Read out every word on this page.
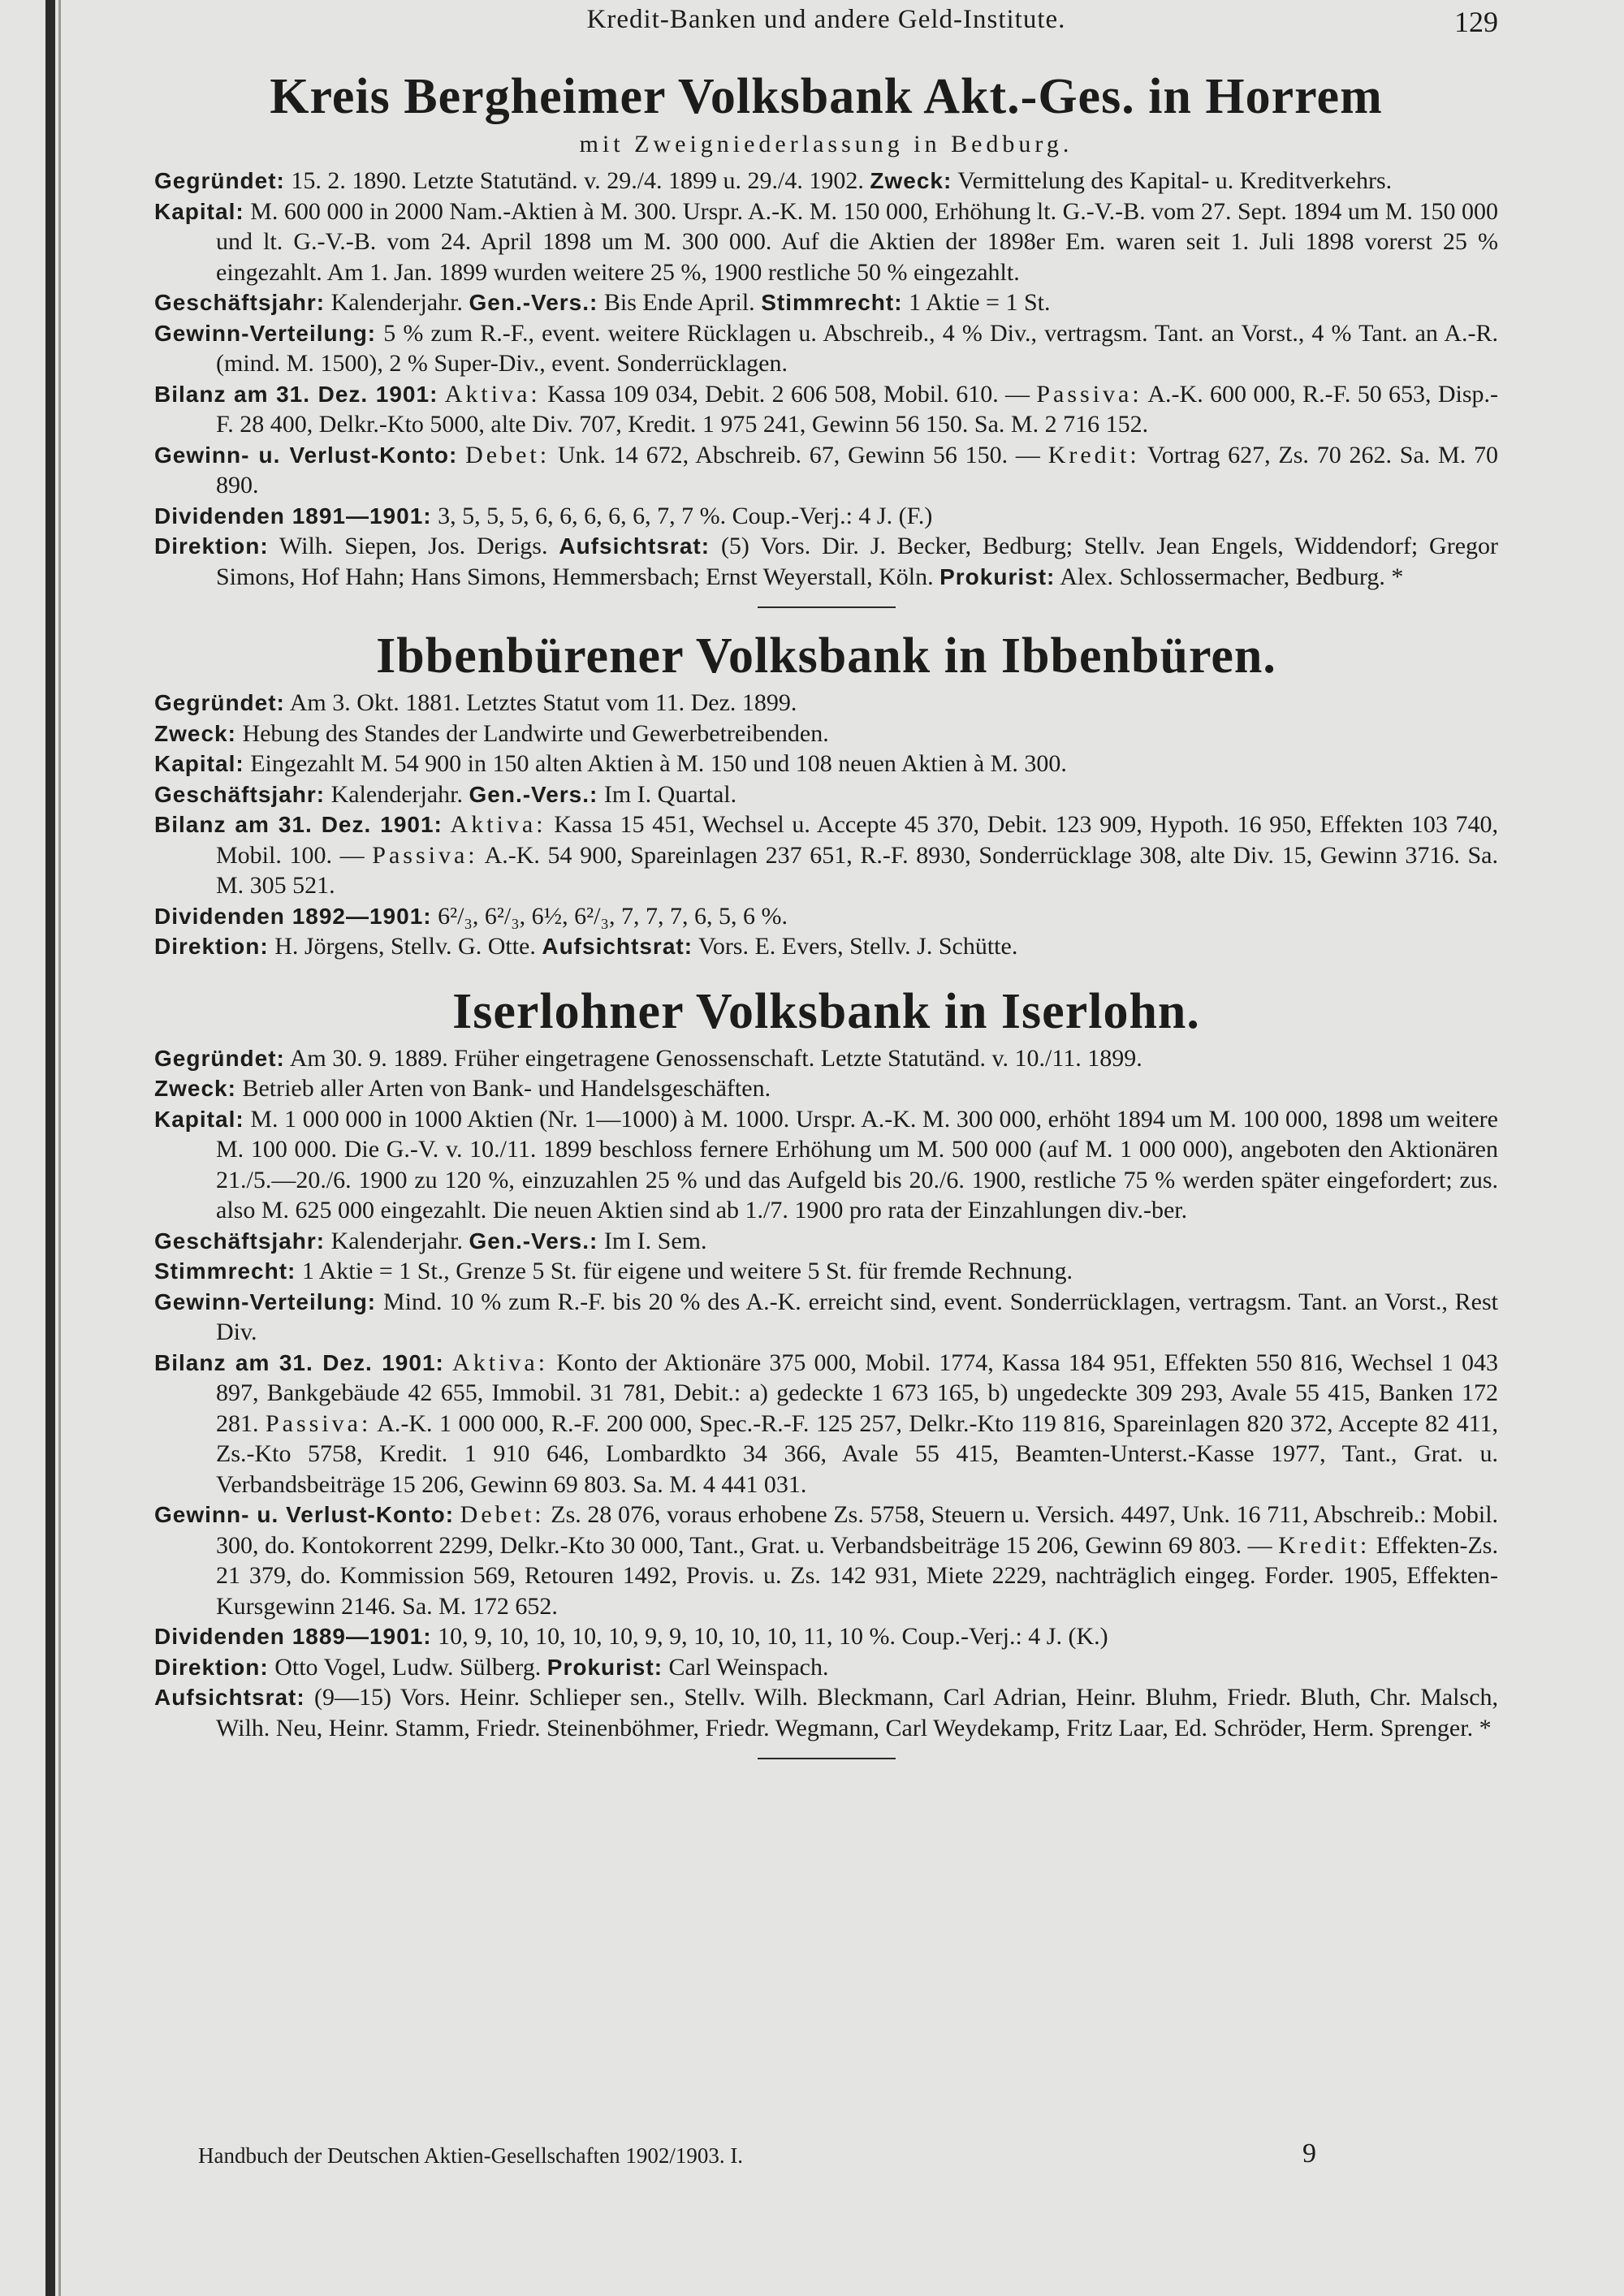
Kredit-Banken und andere Geld-Institute.	129
Kreis Bergheimer Volksbank Akt.-Ges. in Horrem
mit Zweigniederlassung in Bedburg.

Gegründet: 15. 2. 1890. Letzte Statutänd. v. 29./4. 1899 u. 29./4. 1902. Zweck: Vermittelung des Kapital- u. Kreditverkehrs.

Kapital: M. 600 000 in 2000 Nam.-Aktien à M. 300. Urspr. A.-K. M. 150 000, Erhöhung lt. G.-V.-B. vom 27. Sept. 1894 um M. 150 000 und lt. G.-V.-B. vom 24. April 1898 um M. 300 000. Auf die Aktien der 1898er Em. waren seit 1. Juli 1898 vorerst 25 % eingezahlt. Am 1. Jan. 1899 wurden weitere 25 %, 1900 restliche 50 % eingezahlt.

Geschäftsjahr: Kalenderjahr. Gen.-Vers.: Bis Ende April. Stimmrecht: 1 Aktie = 1 St.

Gewinn-Verteilung: 5 % zum R.-F., event. weitere Rücklagen u. Abschreib., 4 % Div., vertragsm. Tant. an Vorst., 4 % Tant. an A.-R. (mind. M. 1500), 2 % Super-Div., event. Sonderrücklagen.

Bilanz am 31. Dez. 1901: Aktiva: Kassa 109 034, Debit. 2 606 508, Mobil. 610. — Passiva: A.-K. 600 000, R.-F. 50 653, Disp.-F. 28 400, Delkr.-Kto 5000, alte Div. 707, Kredit. 1 975 241, Gewinn 56 150. Sa. M. 2 716 152.

Gewinn- u. Verlust-Konto: Debet: Unk. 14 672, Abschreib. 67, Gewinn 56 150. — Kredit: Vortrag 627, Zs. 70 262. Sa. M. 70 890.

Dividenden 1891—1901: 3, 5, 5, 5, 6, 6, 6, 6, 6, 7, 7 %. Coup.-Verj.: 4 J. (F.)

Direktion: Wilh. Siepen, Jos. Derigs. Aufsichtsrat: (5) Vors. Dir. J. Becker, Bedburg; Stellv. Jean Engels, Widdendorf; Gregor Simons, Hof Hahn; Hans Simons, Hemmersbach; Ernst Weyerstall, Köln. Prokurist: Alex. Schlossermacher, Bedburg. *

Ibbenbürener Volksbank in Ibbenbüren.

Gegründet: Am 3. Okt. 1881. Letztes Statut vom 11. Dez. 1899.

Zweck: Hebung des Standes der Landwirte und Gewerbetreibenden.

Kapital: Eingezahlt M. 54 900 in 150 alten Aktien à M. 150 und 108 neuen Aktien à M. 300.

Geschäftsjahr: Kalenderjahr. Gen.-Vers.: Im I. Quartal.

Bilanz am 31. Dez. 1901: Aktiva: Kassa 15 451, Wechsel u. Accepte 45 370, Debit. 123 909, Hypoth. 16 950, Effekten 103 740, Mobil. 100. — Passiva: A.-K. 54 900, Spareinlagen 237 651, R.-F. 8930, Sonderrücklage 308, alte Div. 15, Gewinn 3716. Sa. M. 305 521.

Dividenden 1892—1901: 6²/₃, 6²/₃, 6½, 6²/₃, 7, 7, 7, 6, 5, 6 %.

Direktion: H. Jörgens, Stellv. G. Otte. Aufsichtsrat: Vors. E. Evers, Stellv. J. Schütte.

Iserlohner Volksbank in Iserlohn.

Gegründet: Am 30. 9. 1889. Früher eingetragene Genossenschaft. Letzte Statutänd. v. 10./11. 1899.

Zweck: Betrieb aller Arten von Bank- und Handelsgeschäften.

Kapital: M. 1 000 000 in 1000 Aktien (Nr. 1—1000) à M. 1000. Urspr. A.-K. M. 300 000, erhöht 1894 um M. 100 000, 1898 um weitere M. 100 000. Die G.-V. v. 10./11. 1899 beschloss fernere Erhöhung um M. 500 000 (auf M. 1 000 000), angeboten den Aktionären 21./5.—20./6. 1900 zu 120 %, einzuzahlen 25 % und das Aufgeld bis 20./6. 1900, restliche 75 % werden später eingefordert; zus. also M. 625 000 eingezahlt. Die neuen Aktien sind ab 1./7. 1900 pro rata der Einzahlungen div.-ber.

Geschäftsjahr: Kalenderjahr. Gen.-Vers.: Im I. Sem.

Stimmrecht: 1 Aktie = 1 St., Grenze 5 St. für eigene und weitere 5 St. für fremde Rechnung.

Gewinn-Verteilung: Mind. 10 % zum R.-F. bis 20 % des A.-K. erreicht sind, event. Sonderrücklagen, vertragsm. Tant. an Vorst., Rest Div.

Bilanz am 31. Dez. 1901: Aktiva: Konto der Aktionäre 375 000, Mobil. 1774, Kassa 184 951, Effekten 550 816, Wechsel 1 043 897, Bankgebäude 42 655, Immobil. 31 781, Debit.: a) gedeckte 1 673 165, b) ungedeckte 309 293, Avale 55 415, Banken 172 281. Passiva: A.-K. 1 000 000, R.-F. 200 000, Spec.-R.-F. 125 257, Delkr.-Kto 119 816, Spareinlagen 820 372, Accepte 82 411, Zs.-Kto 5758, Kredit. 1 910 646, Lombardkto 34 366, Avale 55 415, Beamten-Unterst.-Kasse 1977, Tant., Grat. u. Verbandsbeiträge 15 206, Gewinn 69 803. Sa. M. 4 441 031.

Gewinn- u. Verlust-Konto: Debet: Zs. 28 076, voraus erhobene Zs. 5758, Steuern u. Versich. 4497, Unk. 16 711, Abschreib.: Mobil. 300, do. Kontokorrent 2299, Delkr.-Kto 30 000, Tant., Grat. u. Verbandsbeiträge 15 206, Gewinn 69 803. — Kredit: Effekten-Zs. 21 379, do. Kommission 569, Retouren 1492, Provis. u. Zs. 142 931, Miete 2229, nachträglich eingeg. Forder. 1905, Effekten-Kursgewinn 2146. Sa. M. 172 652.

Dividenden 1889—1901: 10, 9, 10, 10, 10, 10, 9, 9, 10, 10, 10, 11, 10 %. Coup.-Verj.: 4 J. (K.)

Direktion: Otto Vogel, Ludw. Sülberg. Prokurist: Carl Weinspach.

Aufsichtsrat: (9—15) Vors. Heinr. Schlieper sen., Stellv. Wilh. Bleckmann, Carl Adrian, Heinr. Bluhm, Friedr. Bluth, Chr. Malsch, Wilh. Neu, Heinr. Stamm, Friedr. Steinenböhmer, Friedr. Wegmann, Carl Weydekamp, Fritz Laar, Ed. Schröder, Herm. Sprenger. *

Handbuch der Deutschen Aktien-Gesellschaften 1902/1903. I.	9
